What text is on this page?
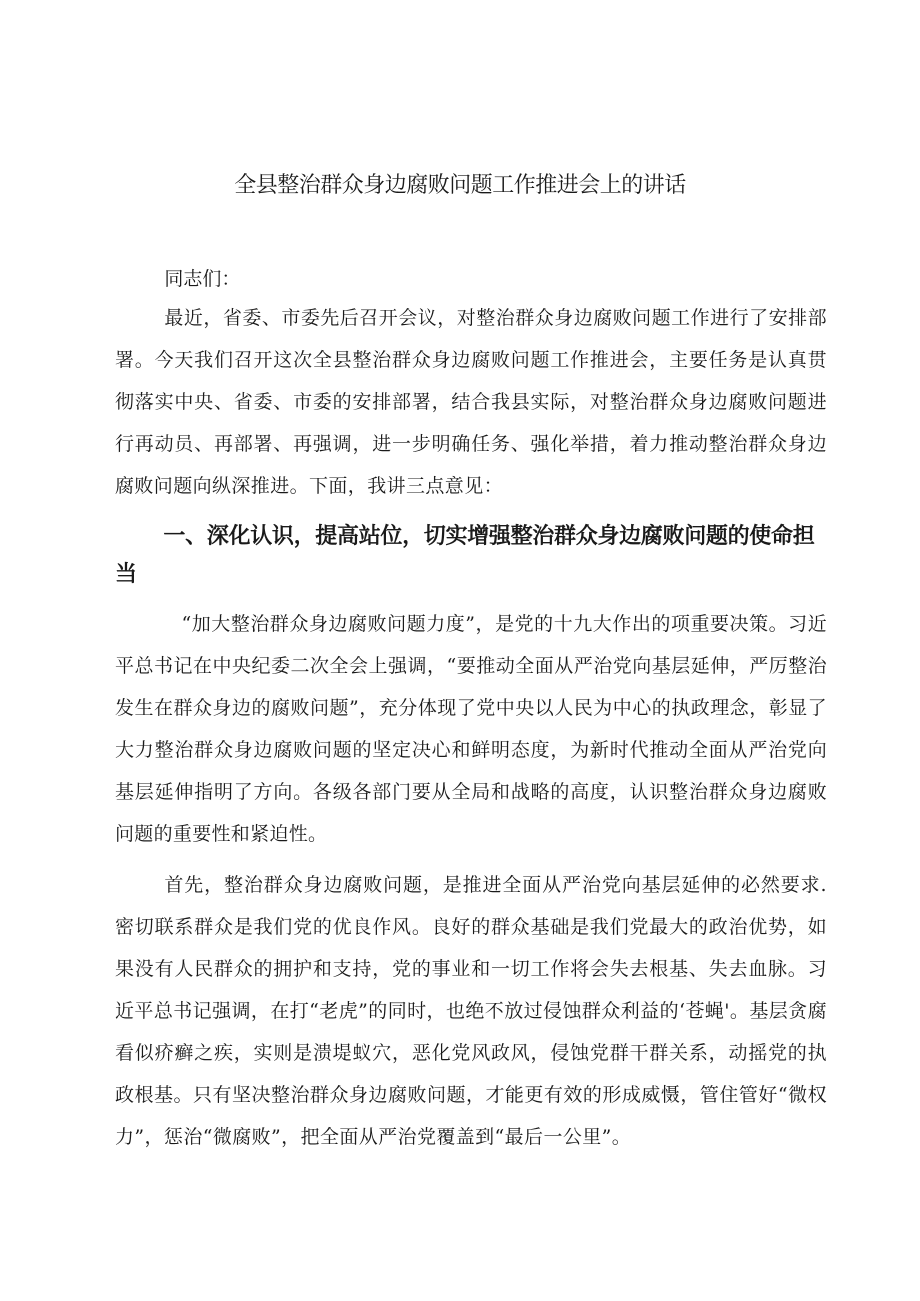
全县整治群众身边腐败问题工作推进会上的讲话

同志们：

最近，省委、市委先后召开会议，对整治群众身边腐败问题工作进行了安排部署。今天我们召开这次全县整治群众身边腐败问题工作推进会，主要任务是认真贯彻落实中央、省委、市委的安排部署，结合我县实际，对整治群众身边腐败问题进行再动员、再部署、再强调，进一步明确任务、强化举措，着力推动整治群众身边腐败问题向纵深推进。下面，我讲三点意见：

一、深化认识，提高站位，切实增强整治群众身边腐败问题的使命担当

“加大整治群众身边腐败问题力度”，是党的十九大作出的项重要决策。习近平总书记在中央纪委二次全会上强调，“要推动全面从严治党向基层延伸，严厉整治发生在群众身边的腐败问题”，充分体现了党中央以人民为中心的执政理念，彰显了大力整治群众身边腐败问题的坚定决心和鲜明态度，为新时代推动全面从严治党向基层延伸指明了方向。各级各部门要从全局和战略的高度，认识整治群众身边腐败问题的重要性和紧迫性。

首先，整治群众身边腐败问题，是推进全面从严治党向基层延伸的必然要求.密切联系群众是我们党的优良作风。良好的群众基础是我们党最大的政治优势，如果没有人民群众的拥护和支持，党的事业和一切工作将会失去根基、失去血脉。习近平总书记强调，在打“老虎”的同时，也绝不放过侵蚀群众利益的‘苍蝇'。基层贪腐看似疥癣之疾，实则是溃堤蚁穴，恶化党风政风，侵蚀党群干群关系，动摇党的执政根基。只有坚决整治群众身边腐败问题，才能更有效的形成威慑，管住管好“微权力”，惩治“微腐败”，把全面从严治党覆盖到“最后一公里”。
